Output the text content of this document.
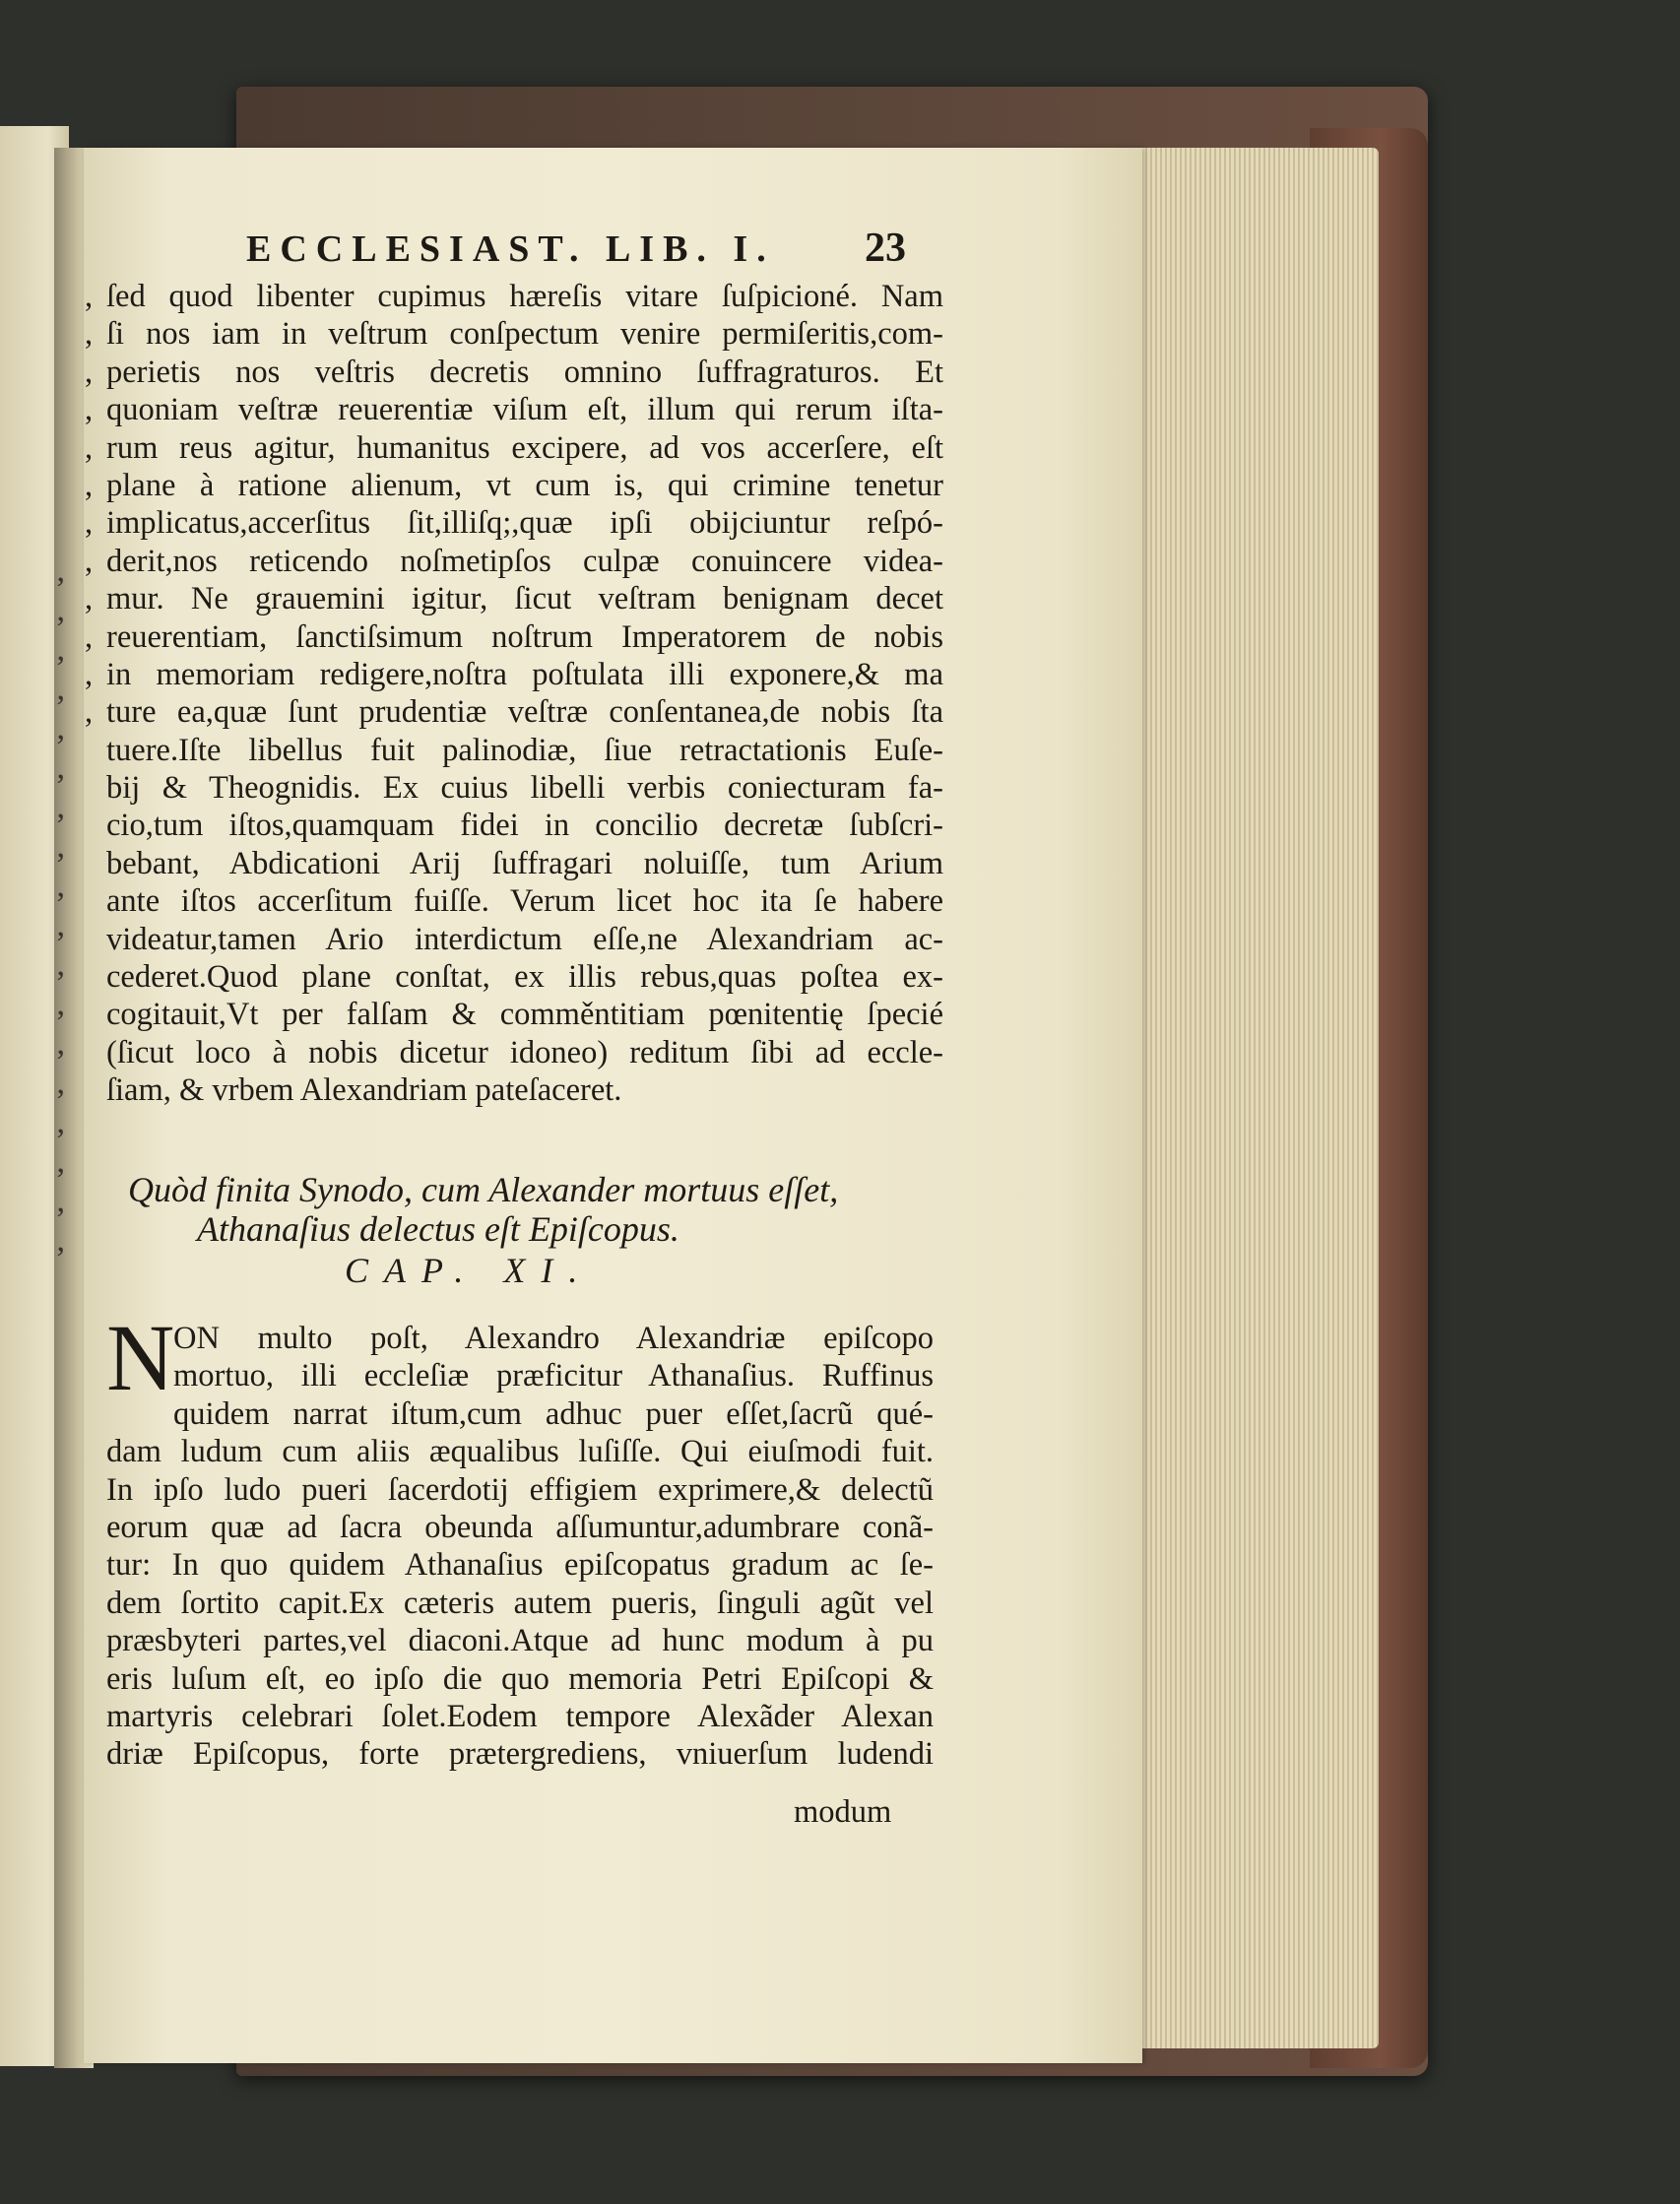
ECCLESIAST. LIB. I. 23
, ſed quod libenter cupimus hæreſis vitare ſuſpicioné. Nam
, ſi nos iam in veſtrum conſpectum venire permiſeritis,com-
, perietis nos veſtris decretis omnino ſuffragraturos. Et
, quoniam veſtræ reuerentiæ viſum eſt, illum qui rerum iſta-
, rum reus agitur, humanitus excipere, ad vos accerſere, eſt
, plane à ratione alienum, vt cum is, qui crimine tenetur
, implicatus,accerſitus ſit,illiſq;,quæ ipſi obijciuntur reſpó-
, derit,nos reticendo noſmetipſos culpæ conuincere videa-
, mur. Ne grauemini igitur, ſicut veſtram benignam decet
, reuerentiam, ſanctiſsimum noſtrum Imperatorem de nobis
, in memoriam redigere,noſtra poſtulata illi exponere,& ma
, ture ea,quæ ſunt prudentiæ veſtræ conſentanea,de nobis ſta
tuere.Iſte libellus fuit palinodiæ, ſiue retractationis Euſe-
bij & Theognidis. Ex cuius libelli verbis coniecturam fa-
cio,tum iſtos,quamquam fidei in concilio decretæ ſubſcri-
bebant, Abdicationi Arij ſuffragari noluiſſe, tum Arium
ante iſtos accerſitum fuiſſe. Verum licet hoc ita ſe habere
videatur,tamen Ario interdictum eſſe,ne Alexandriam ac-
cederet.Quod plane conſtat, ex illis rebus,quas poſtea ex-
cogitauit,Vt per falſam & comměntitiam pœnitentię ſpecié
(ſicut loco à nobis dicetur idoneo) reditum ſibi ad eccle-
ſiam, & vrbem Alexandriam pateſaceret.
Quòd finita Synodo, cum Alexander mortuus eſſet,
Athanaſius delectus eſt Epiſcopus.
CAP. XI.
N
ON multo poſt, Alexandro Alexandriæ epiſcopo
mortuo, illi eccleſiæ præficitur Athanaſius. Ruffinus
quidem narrat iſtum,cum adhuc puer eſſet,ſacrũ qué-
dam ludum cum aliis æqualibus luſiſſe. Qui eiuſmodi fuit.
In ipſo ludo pueri ſacerdotij effigiem exprimere,& delectũ
eorum quæ ad ſacra obeunda aſſumuntur,adumbrare conã-
tur: In quo quidem Athanaſius epiſcopatus gradum ac ſe-
dem ſortito capit.Ex cæteris autem pueris, ſinguli agũt vel
præsbyteri partes,vel diaconi.Atque ad hunc modum à pu
eris luſum eſt, eo ipſo die quo memoria Petri Epiſcopi &
martyris celebrari ſolet.Eodem tempore Alexãder Alexan
driæ Epiſcopus, forte prætergrediens, vniuerſum ludendi
modum
,
,
,
,
,
,
,
,
,
,
,
,
,
,
,
,
,
,
